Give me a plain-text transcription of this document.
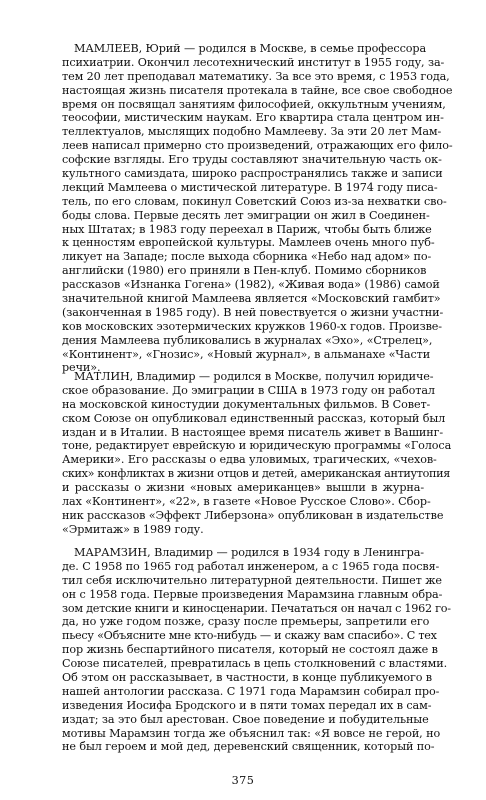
МАМЛЕЕВ, Юрий — родился в Москве, в семье профессора
психиатрии. Окончил лесотехнический институт в 1955 году, за-
тем 20 лет преподавал математику. За все это время, с 1953 года,
настоящая жизнь писателя протекала в тайне, все свое свободное
время он посвящал занятиям философией, оккультным учениям,
теософии, мистическим наукам. Его квартира стала центром ин-
теллектуалов, мыслящих подобно Мамлееву. За эти 20 лет Мам-
леев написал примерно сто произведений, отражающих его фило-
софские взгляды. Его труды составляют значительную часть ок-
культного самиздата, широко распространялись также и записи
лекций Мамлеева о мистической литературе. В 1974 году писа-
тель, по его словам, покинул Советский Союз из-за нехватки сво-
боды слова. Первые десять лет эмиграции он жил в Соединен-
ных Штатах; в 1983 году переехал в Париж, чтобы быть ближе
к ценностям европейской культуры. Мамлеев очень много пуб-
ликует на Западе; после выхода сборника «Небо над адом» по-
английски (1980) его приняли в Пен-клуб. Помимо сборников
рассказов «Изнанка Гогена» (1982), «Живая вода» (1986) самой
значительной книгой Мамлеева является «Московский гамбит»
(законченная в 1985 году). В ней повествуется о жизни участни-
ков московских эзотермических кружков 1960-х годов. Произве-
дения Мамлеева публиковались в журналах «Эхо», «Стрелец»,
«Континент», «Гнозис», «Новый журнал», в альманахе «Части
речи».
МАТЛИН, Владимир — родился в Москве, получил юридиче-
ское образование. До эмиграции в США в 1973 году он работал
на московской киностудии документальных фильмов. В Совет-
ском Союзе он опубликовал единственный рассказ, который был
издан и в Италии. В настоящее время писатель живет в Вашинг-
тоне, редактирует еврейскую и юридическую программы «Голоса
Америки». Его рассказы о едва уловимых, трагических, «чехов-
ских» конфликтах в жизни отцов и детей, американская антиутопия
и рассказы о жизни «новых американцев» вышли в журна-
лах «Континент», «22», в газете «Новое Русское Слово». Сбор-
ник рассказов «Эффект Либерзона» опубликован в издательстве
«Эрмитаж» в 1989 году.
МАРАМЗИН, Владимир — родился в 1934 году в Ленингра-
де. С 1958 по 1965 год работал инженером, а с 1965 года посвя-
тил себя исключительно литературной деятельности. Пишет же
он с 1958 года. Первые произведения Марамзина главным обра-
зом детские книги и киносценарии. Печататься он начал с 1962 го-
да, но уже годом позже, сразу после премьеры, запретили его
пьесу «Объясните мне кто-нибудь — и скажу вам спасибо». С тех
пор жизнь беспартийного писателя, который не состоял даже в
Союзе писателей, превратилась в цепь столкновений с властями.
Об этом он рассказывает, в частности, в конце публикуемого в
нашей антологии рассказа. С 1971 года Марамзин собирал про-
изведения Иосифа Бродского и в пяти томах передал их в сам-
издат; за это был арестован. Свое поведение и побудительные
мотивы Марамзин тогда же объяснил так: «Я вовсе не герой, но
не был героем и мой дед, деревенский священник, который по-
375
